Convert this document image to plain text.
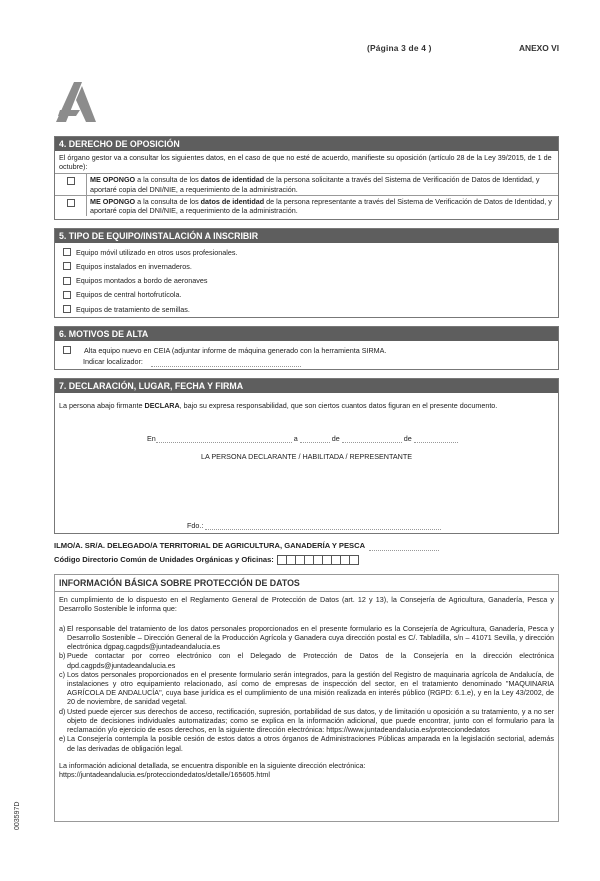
(Página 3 de 4 )	ANEXO VI
4. DERECHO DE OPOSICIÓN
El órgano gestor va a consultar los siguientes datos, en el caso de que no esté de acuerdo, manifieste su oposición (artículo 28 de la Ley 39/2015, de 1 de octubre):
ME OPONGO a la consulta de los datos de identidad de la persona solicitante a través del Sistema de Verificación de Datos de Identidad, y aportaré copia del DNI/NIE, a requerimiento de la administración.
ME OPONGO a la consulta de los datos de identidad de la persona representante a través del Sistema de Verificación de Datos de Identidad, y aportaré copia del DNI/NIE, a requerimiento de la administración.
5. TIPO DE EQUIPO/INSTALACIÓN A INSCRIBIR
Equipo móvil utilizado en otros usos profesionales.
Equipos instalados en invernaderos.
Equipos montados a bordo de aeronaves
Equipos de central hortofrutícola.
Equipos de tratamiento de semillas.
6. MOTIVOS DE ALTA
Alta equipo nuevo en CEIA (adjuntar informe de máquina generado con la herramienta SIRMA.
Indicar localizador:
7. DECLARACIÓN, LUGAR, FECHA Y FIRMA
La persona abajo firmante DECLARA, bajo su expresa responsabilidad, que son ciertos cuantos datos figuran en el presente documento.
En	a	de	de
LA PERSONA DECLARANTE / HABILITADA / REPRESENTANTE
Fdo.:
ILMO/A. SR/A. DELEGADO/A TERRITORIAL DE AGRICULTURA, GANADERÍA Y PESCA
Código Directorio Común de Unidades Orgánicas y Oficinas:
INFORMACIÓN BÁSICA SOBRE PROTECCIÓN DE DATOS

En cumplimiento de lo dispuesto en el Reglamento General de Protección de Datos (art. 12 y 13), la Consejería de Agricultura, Ganadería, Pesca y Desarrollo Sostenible le informa que:

a) El responsable del tratamiento de los datos personales proporcionados en el presente formulario es la Consejería de Agricultura, Ganadería, Pesca y Desarrollo Sostenible – Dirección General de la Producción Agrícola y Ganadera cuya dirección postal es C/. Tabladilla, s/n – 41071 Sevilla, y dirección electrónica dgpag.cagpds@juntadeandalucia.es
b) Puede contactar por correo electrónico con el Delegado de Protección de Datos de la Consejería en la dirección electrónica dpd.cagpds@juntadeandalucia.es
c) Los datos personales proporcionados en el presente formulario serán integrados, para la gestión del Registro de maquinaria agrícola de Andalucía, de instalaciones y otro equipamiento relacionado, así como de empresas de inspección del sector, en el tratamiento denominado "MAQUINARIA AGRÍCOLA DE ANDALUCÍA", cuya base jurídica es el cumplimiento de una misión realizada en interés público (RGPD: 6.1.e), y en la Ley 43/2002, de 20 de noviembre, de sanidad vegetal.
d) Usted puede ejercer sus derechos de acceso, rectificación, supresión, portabilidad de sus datos, y de limitación u oposición a su tratamiento, y a no ser objeto de decisiones individuales automatizadas; como se explica en la información adicional, que puede encontrar, junto con el formulario para la reclamación y/o ejercicio de esos derechos, en la siguiente dirección electrónica: https://www.juntadeandalucia.es/protecciondedatos
e) La Consejería contempla la posible cesión de estos datos a otros órganos de Administraciones Públicas amparada en la legislación sectorial, además de las derivadas de obligación legal.

La información adicional detallada, se encuentra disponible en la siguiente dirección electrónica:

https://juntadeandalucia.es/protecciondedatos/detalle/165605.html

003597D
